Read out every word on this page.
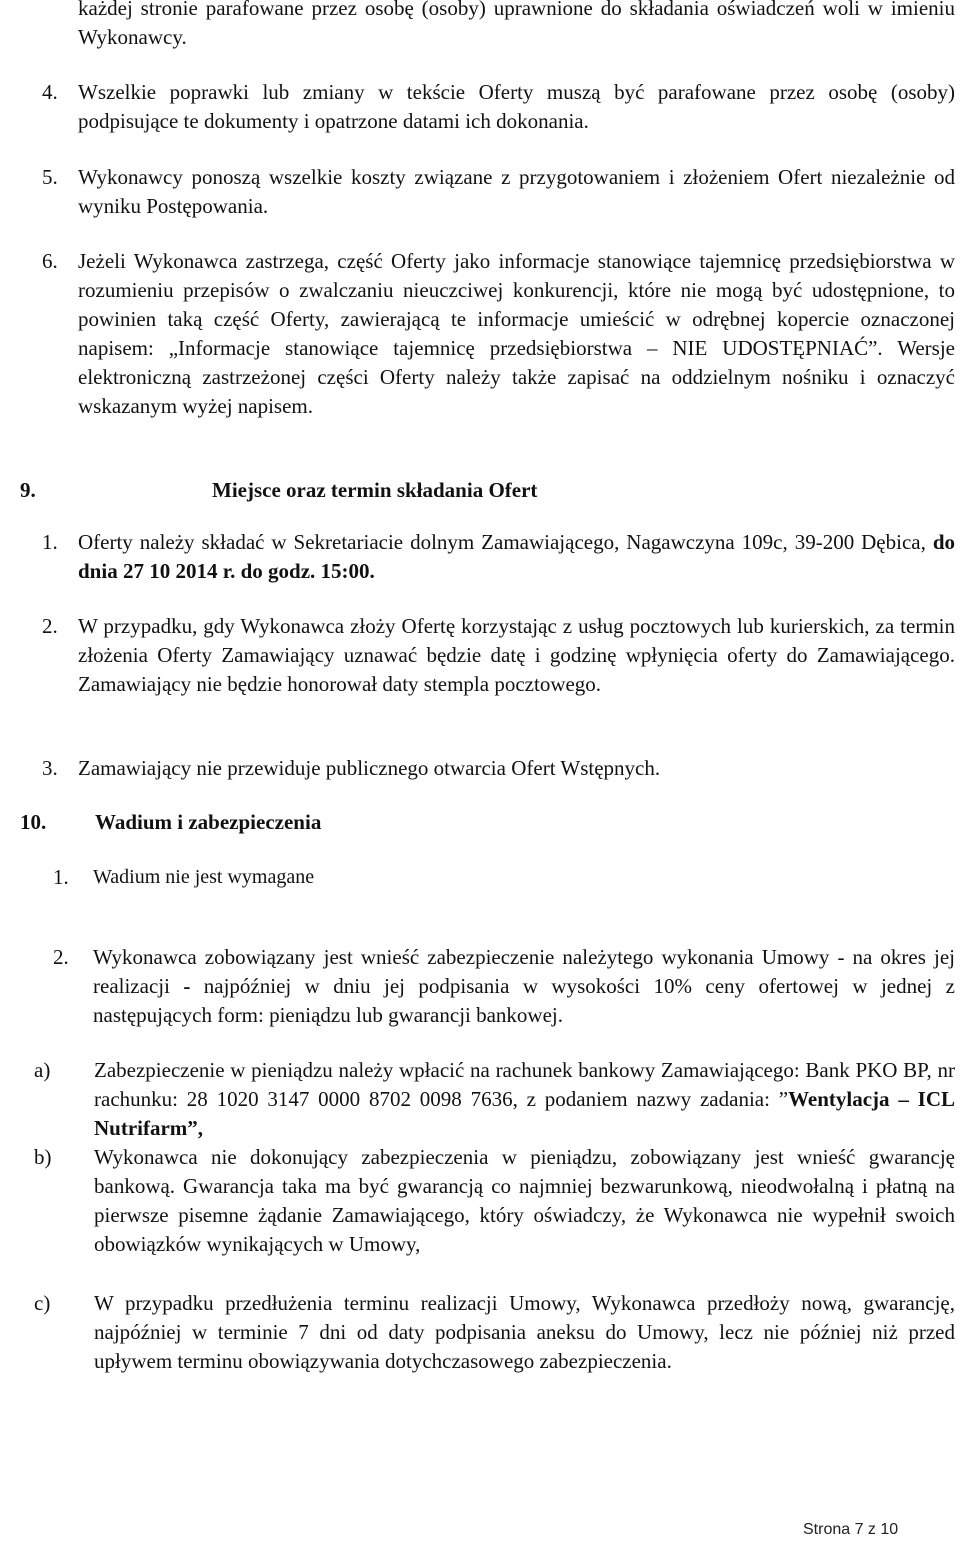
każdej stronie parafowane przez osobę (osoby) uprawnione do składania oświadczeń woli w imieniu Wykonawcy.
4. Wszelkie poprawki lub zmiany w tekście Oferty muszą być parafowane przez osobę (osoby) podpisujące te dokumenty i opatrzone datami ich dokonania.
5. Wykonawcy ponoszą wszelkie koszty związane z przygotowaniem i złożeniem Ofert niezależnie od wyniku Postępowania.
6. Jeżeli Wykonawca zastrzega, część Oferty jako informacje stanowiące tajemnicę przedsiębiorstwa w rozumieniu przepisów o zwalczaniu nieuczciwej konkurencji, które nie mogą być udostępnione, to powinien taką część Oferty, zawierającą te informacje umieścić w odrębnej kopercie oznaczonej napisem: „Informacje stanowiące tajemnicę przedsiębiorstwa – NIE UDOSTĘPNIAĆ”. Wersje elektroniczną zastrzeżonej części Oferty należy także zapisać na oddzielnym nośniku i oznaczyć wskazanym wyżej napisem.
9.	Miejsce oraz termin składania Ofert
1. Oferty należy składać w Sekretariacie dolnym Zamawiającego, Nagawczyna 109c, 39-200 Dębica, do dnia 27 10 2014 r. do godz. 15:00.
2. W przypadku, gdy Wykonawca złoży Ofertę korzystając z usług pocztowych lub kurierskich, za termin złożenia Oferty Zamawiający uznawać będzie datę i godzinę wpłynięcia oferty do Zamawiającego. Zamawiający nie będzie honorował daty stempla pocztowego.
3. Zamawiający nie przewiduje publicznego otwarcia Ofert Wstępnych.
10. Wadium i zabezpieczenia
1.	Wadium nie jest wymagane
2.	Wykonawca zobowiązany jest wnieść zabezpieczenie należytego wykonania Umowy - na okres jej realizacji - najpóźniej w dniu jej podpisania w wysokości 10% ceny ofertowej w jednej z następujących form: pieniądzu lub gwarancji bankowej.
a)	Zabezpieczenie w pieniądzu należy wpłacić na rachunek bankowy Zamawiającego: Bank PKO BP, nr rachunku: 28 1020 3147 0000 8702 0098 7636, z podaniem nazwy zadania: ”Wentylacja – ICL Nutrifarm”,
b)	Wykonawca nie dokonujący zabezpieczenia w pieniądzu, zobowiązany jest wnieść gwarancję bankową. Gwarancja taka ma być gwarancją co najmniej bezwarunkową, nieodwołalną i płatną na pierwsze pisemne żądanie Zamawiającego, który oświadczy, że Wykonawca nie wypełnił swoich obowiązków wynikających w Umowy,
c)	W przypadku przedłużenia terminu realizacji Umowy, Wykonawca przedłoży nową, gwarancję, najpóźniej w terminie 7 dni od daty podpisania aneksu do Umowy, lecz nie później niż przed upływem terminu obowiązywania dotychczasowego zabezpieczenia.
Strona 7 z 10
